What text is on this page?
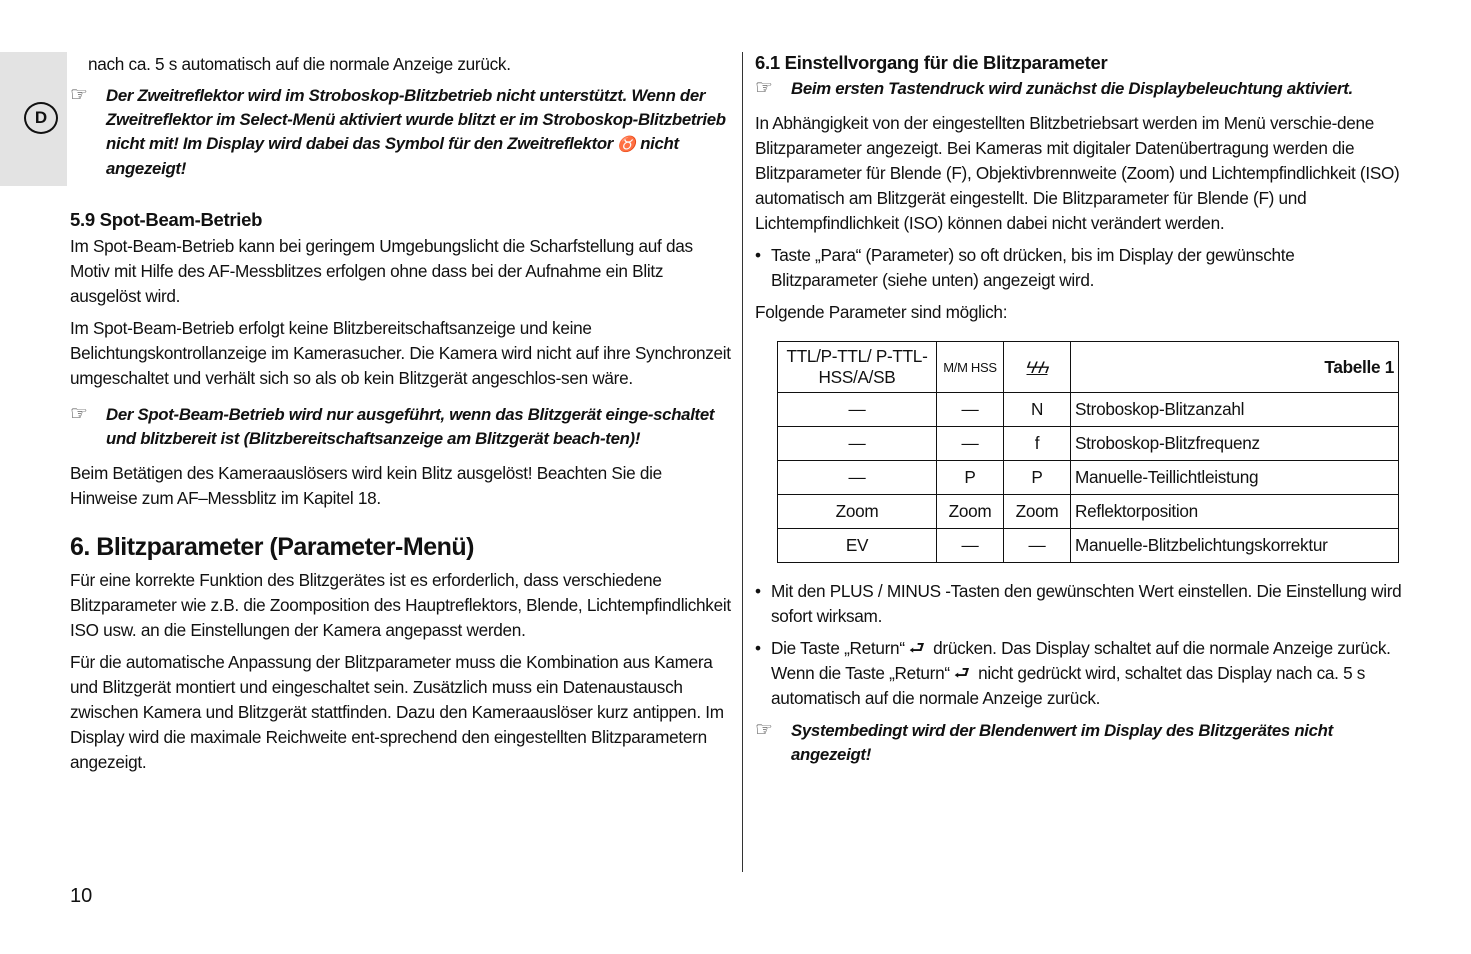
D

nach ca. 5 s automatisch auf die normale Anzeige zurück.

☞	Der Zweitreflektor wird im Stroboskop-Blitzbetrieb nicht unterstützt. Wenn der Zweitreflektor im Select-Menü aktiviert wurde blitzt er im Stroboskop-Blitzbetrieb nicht mit! Im Display wird dabei das Symbol für den Zweitreflektor ♉ nicht angezeigt!
5.9 Spot-Beam-Betrieb

Im Spot-Beam-Betrieb kann bei geringem Umgebungslicht die Scharfstellung auf das Motiv mit Hilfe des AF-Messblitzes erfolgen ohne dass bei der Aufnahme ein Blitz ausgelöst wird.

Im Spot-Beam-Betrieb erfolgt keine Blitzbereitschaftsanzeige und keine Belichtungskontrollanzeige im Kamerasucher. Die Kamera wird nicht auf ihre Synchronzeit umgeschaltet und verhält sich so als ob kein Blitzgerät angeschlos-sen wäre.

☞	Der Spot-Beam-Betrieb wird nur ausgeführt, wenn das Blitzgerät einge-schaltet und blitzbereit ist (Blitzbereitschaftsanzeige am Blitzgerät beach-ten)!

Beim Betätigen des Kameraauslösers wird kein Blitz ausgelöst! Beachten Sie die Hinweise zum AF–Messblitz im Kapitel 18.

6. Blitzparameter (Parameter-Menü)

Für eine korrekte Funktion des Blitzgerätes ist es erforderlich, dass verschiedene Blitzparameter wie z.B. die Zoomposition des Hauptreflektors, Blende, Lichtempfindlichkeit ISO usw. an die Einstellungen der Kamera angepasst werden.

Für die automatische Anpassung der Blitzparameter muss die Kombination aus Kamera und Blitzgerät montiert und eingeschaltet sein. Zusätzlich muss ein Datenaustausch zwischen Kamera und Blitzgerät stattfinden. Dazu den Kameraauslöser kurz antippen. Im Display wird die maximale Reichweite ent-sprechend den eingestellten Blitzparametern angezeigt.

6.1 Einstellvorgang für die Blitzparameter
☞	Beim ersten Tastendruck wird zunächst die Displaybeleuchtung aktiviert.

In Abhängigkeit von der eingestellten Blitzbetriebsart werden im Menü verschie-dene Blitzparameter angezeigt. Bei Kameras mit digitaler Datenübertragung werden die Blitzparameter für Blende (F), Objektivbrennweite (Zoom) und Lichtempfindlichkeit (ISO) automatisch am Blitzgerät eingestellt. Die Blitzparameter für Blende (F) und Lichtempfindlichkeit (ISO) können dabei nicht verändert werden.

• Taste „Para“ (Parameter) so oft drücken, bis im Display der gewünschte Blitzparameter (siehe unten) angezeigt wird.

Folgende Parameter sind möglich:

TTL/P-TTL/ P-TTL-HSS/A/SB	M/M HSS	ϟϟϟ	Tabelle 1
—	—	N	Stroboskop-Blitzanzahl
—	—	f	Stroboskop-Blitzfrequenz
—	P	P	Manuelle-Teillichtleistung
Zoom	Zoom	Zoom	Reflektorposition
EV	—	—	Manuelle-Blitzbelichtungskorrektur
• Mit den PLUS / MINUS -Tasten den gewünschten Wert einstellen. Die Einstellung wird sofort wirksam.
• Die Taste „Return“ ⮐ drücken. Das Display schaltet auf die normale Anzeige zurück. Wenn die Taste „Return“ ⮐ nicht gedrückt wird, schaltet das Display nach ca. 5 s automatisch auf die normale Anzeige zurück.
☞	Systembedingt wird der Blendenwert im Display des Blitzgerätes nicht angezeigt!
10
